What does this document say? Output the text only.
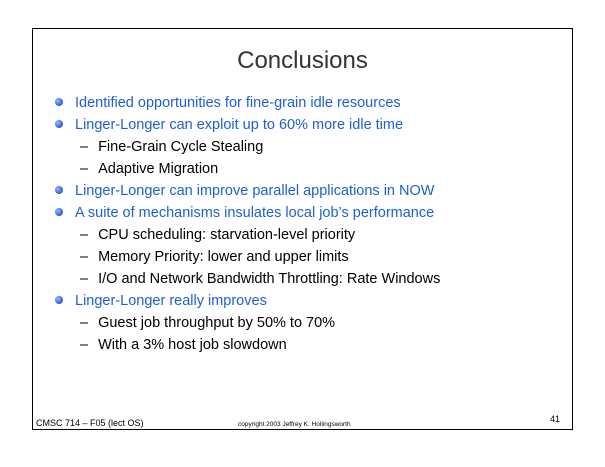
Conclusions
Identified opportunities for fine-grain idle resources
Linger-Longer can exploit up to 60% more idle time
– Fine-Grain Cycle Stealing
– Adaptive Migration
Linger-Longer can improve parallel applications in NOW
A suite of mechanisms insulates local job’s performance
– CPU scheduling: starvation-level priority
– Memory Priority: lower and upper limits
– I/O and Network Bandwidth Throttling: Rate Windows
Linger-Longer really improves
– Guest job throughput by 50% to 70%
– With a 3% host job slowdown
CMSC 714 – F05 (lect OS)	copyright 2003 Jeffrey K. Hollingsworth
41
